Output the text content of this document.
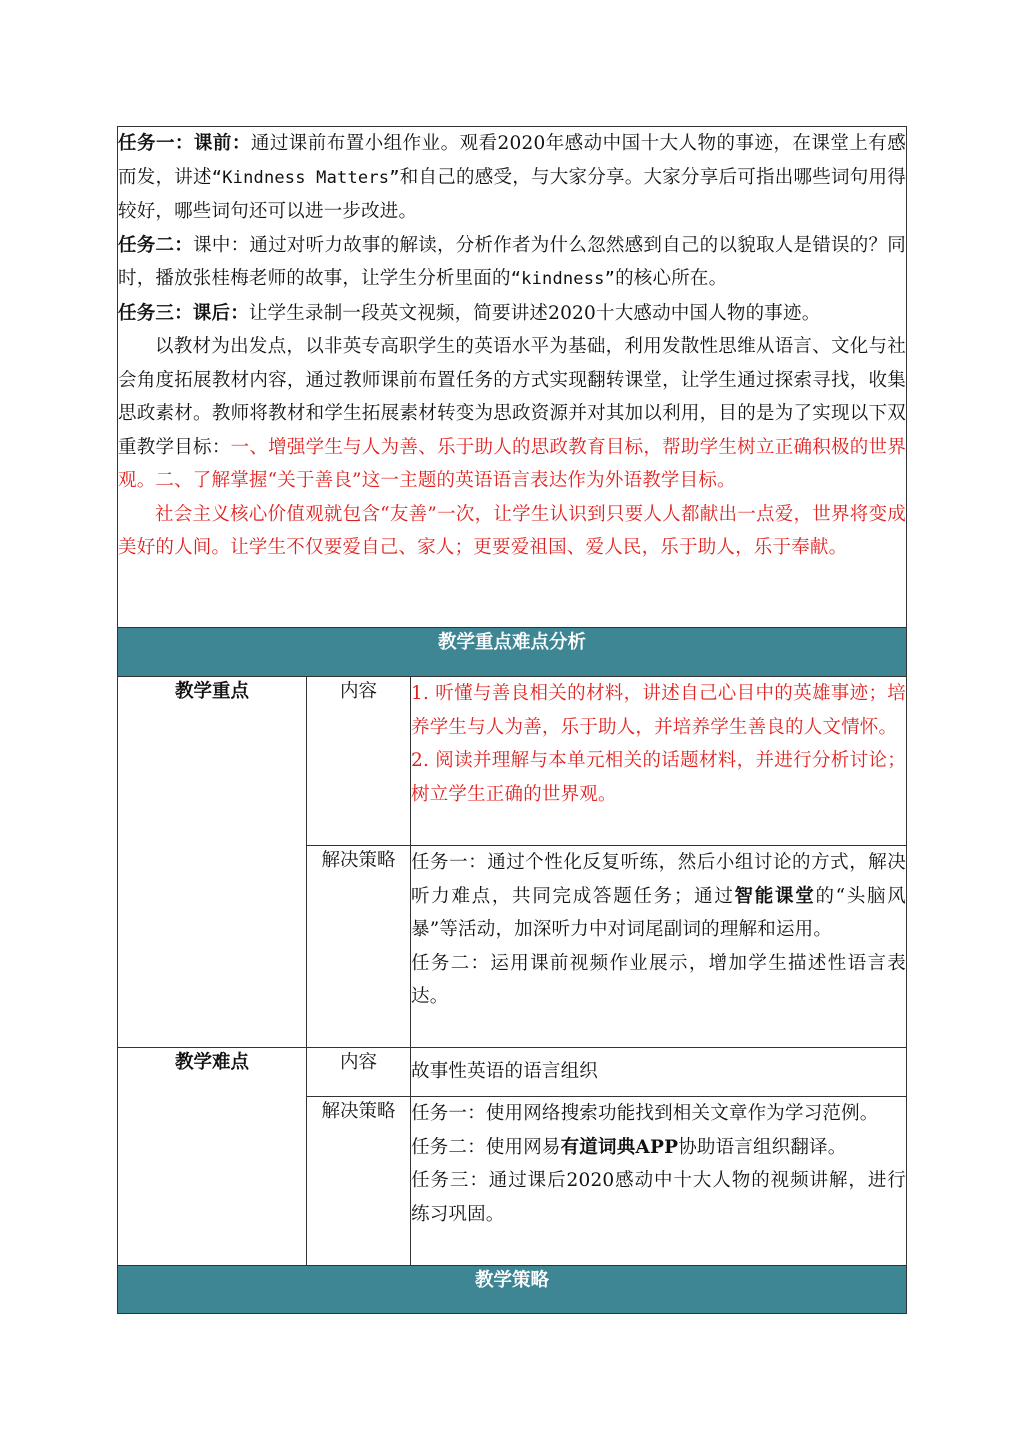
任务一：课前：通过课前布置小组作业。观看2020年感动中国十大人物的事迹，在课堂上有感而发，讲述“Kindness Matters”和自己的感受，与大家分享。大家分享后可指出哪些词句用得较好，哪些词句还可以进一步改进。

任务二：课中：通过对听力故事的解读，分析作者为什么忽然感到自己的以貌取人是错误的？同时，播放张桂梅老师的故事，让学生分析里面的“kindness”的核心所在。

任务三：课后：让学生录制一段英文视频，简要讲述2020十大感动中国人物的事迹。

以教材为出发点，以非英专高职学生的英语水平为基础，利用发散性思维从语言、文化与社会角度拓展教材内容，通过教师课前布置任务的方式实现翻转课堂，让学生通过探索寻找，收集思政素材。教师将教材和学生拓展素材转变为思政资源并对其加以利用，目的是为了实现以下双重教学目标：一、增强学生与人为善、乐于助人的思政教育目标，帮助学生树立正确积极的世界观。二、了解掌握“关于善良”这一主题的英语语言表达作为外语教学目标。

社会主义核心价值观就包含“友善”一次，让学生认识到只要人人都献出一点爱，世界将变成美好的人间。让学生不仅要爱自己、家人；更要爱祖国、爱人民，乐于助人，乐于奉献。		

教学重点难点分析		
教学重点	内容	1. 听懂与善良相关的材料，讲述自己心目中的英雄事迹；培养学生与人为善，乐于助人，并培养学生善良的人文情怀。

2. 阅读并理解与本单元相关的话题材料，并进行分析讨论；树立学生正确的世界观。

	解决策略	任务一：通过个性化反复听练，然后小组讨论的方式，解决听力难点，共同完成答题任务；通过智能课堂的“头脑风暴”等活动，加深听力中对词尾副词的理解和运用。

任务二：运用课前视频作业展示，增加学生描述性语言表达。

教学难点	内容	故事性英语的语言组织

	解决策略	任务一：使用网络搜索功能找到相关文章作为学习范例。

任务二：使用网易有道词典APP协助语言组织翻译。

任务三：通过课后2020感动中十大人物的视频讲解，进行练习巩固。

教学策略		
